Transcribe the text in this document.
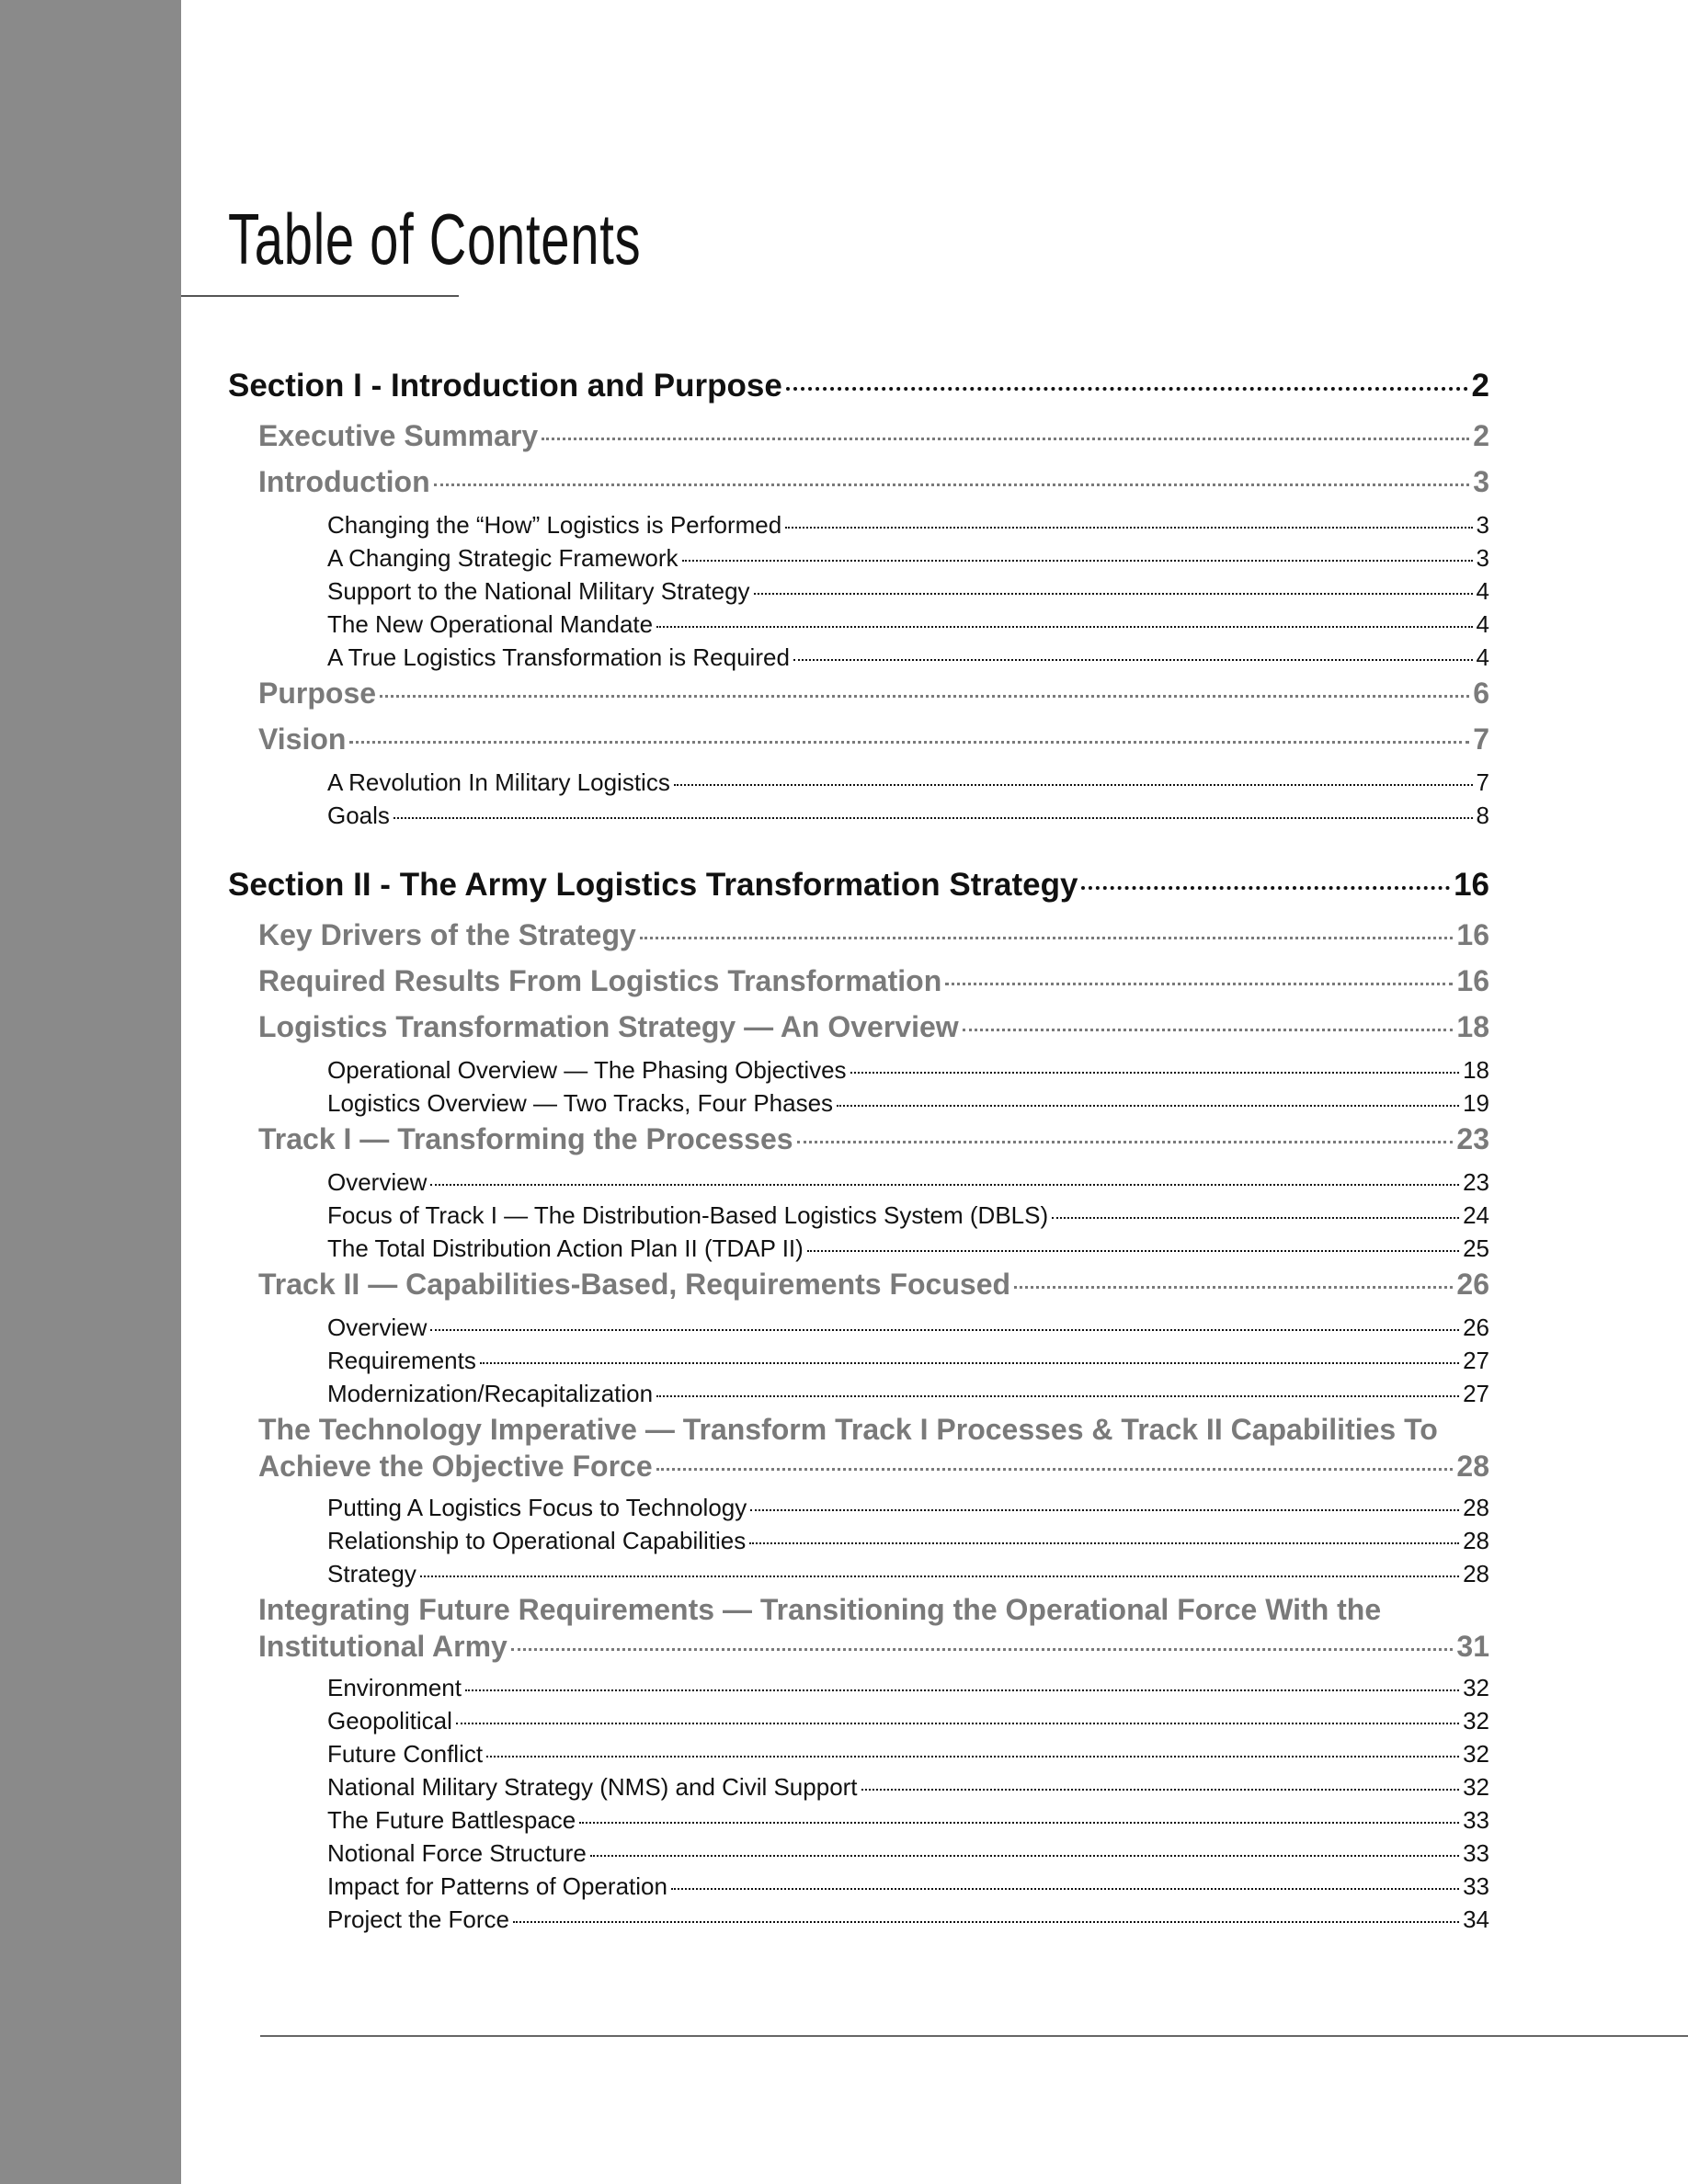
Table of Contents
Section I - Introduction and Purpose	2
Executive Summary	2
Introduction	3
Changing the “How” Logistics is Performed	3
A Changing Strategic Framework	3
Support to the National Military Strategy	4
The New Operational Mandate	4
A True Logistics Transformation is Required	4
Purpose	6
Vision	7
A Revolution In Military Logistics	7
Goals	8
Section II - The Army Logistics Transformation Strategy	16
Key Drivers of the Strategy	16
Required Results From Logistics Transformation	16
Logistics Transformation Strategy — An Overview	18
Operational Overview — The Phasing Objectives	18
Logistics Overview — Two Tracks, Four Phases	19
Track I — Transforming the Processes	23
Overview	23
Focus of Track I — The Distribution-Based Logistics System (DBLS)	24
The Total Distribution Action Plan II (TDAP II)	25
Track II — Capabilities-Based, Requirements Focused	26
Overview	26
Requirements	27
Modernization/Recapitalization	27
The Technology Imperative — Transform Track I Processes & Track II Capabilities To
Achieve the Objective Force	28
Putting A Logistics Focus to Technology	28
Relationship to Operational Capabilities	28
Strategy	28
Integrating Future Requirements — Transitioning the Operational Force With the
Institutional Army	31
Environment	32
Geopolitical	32
Future Conflict	32
National Military Strategy (NMS) and Civil Support	32
The Future Battlespace	33
Notional Force Structure	33
Impact for Patterns of Operation	33
Project the Force	34
